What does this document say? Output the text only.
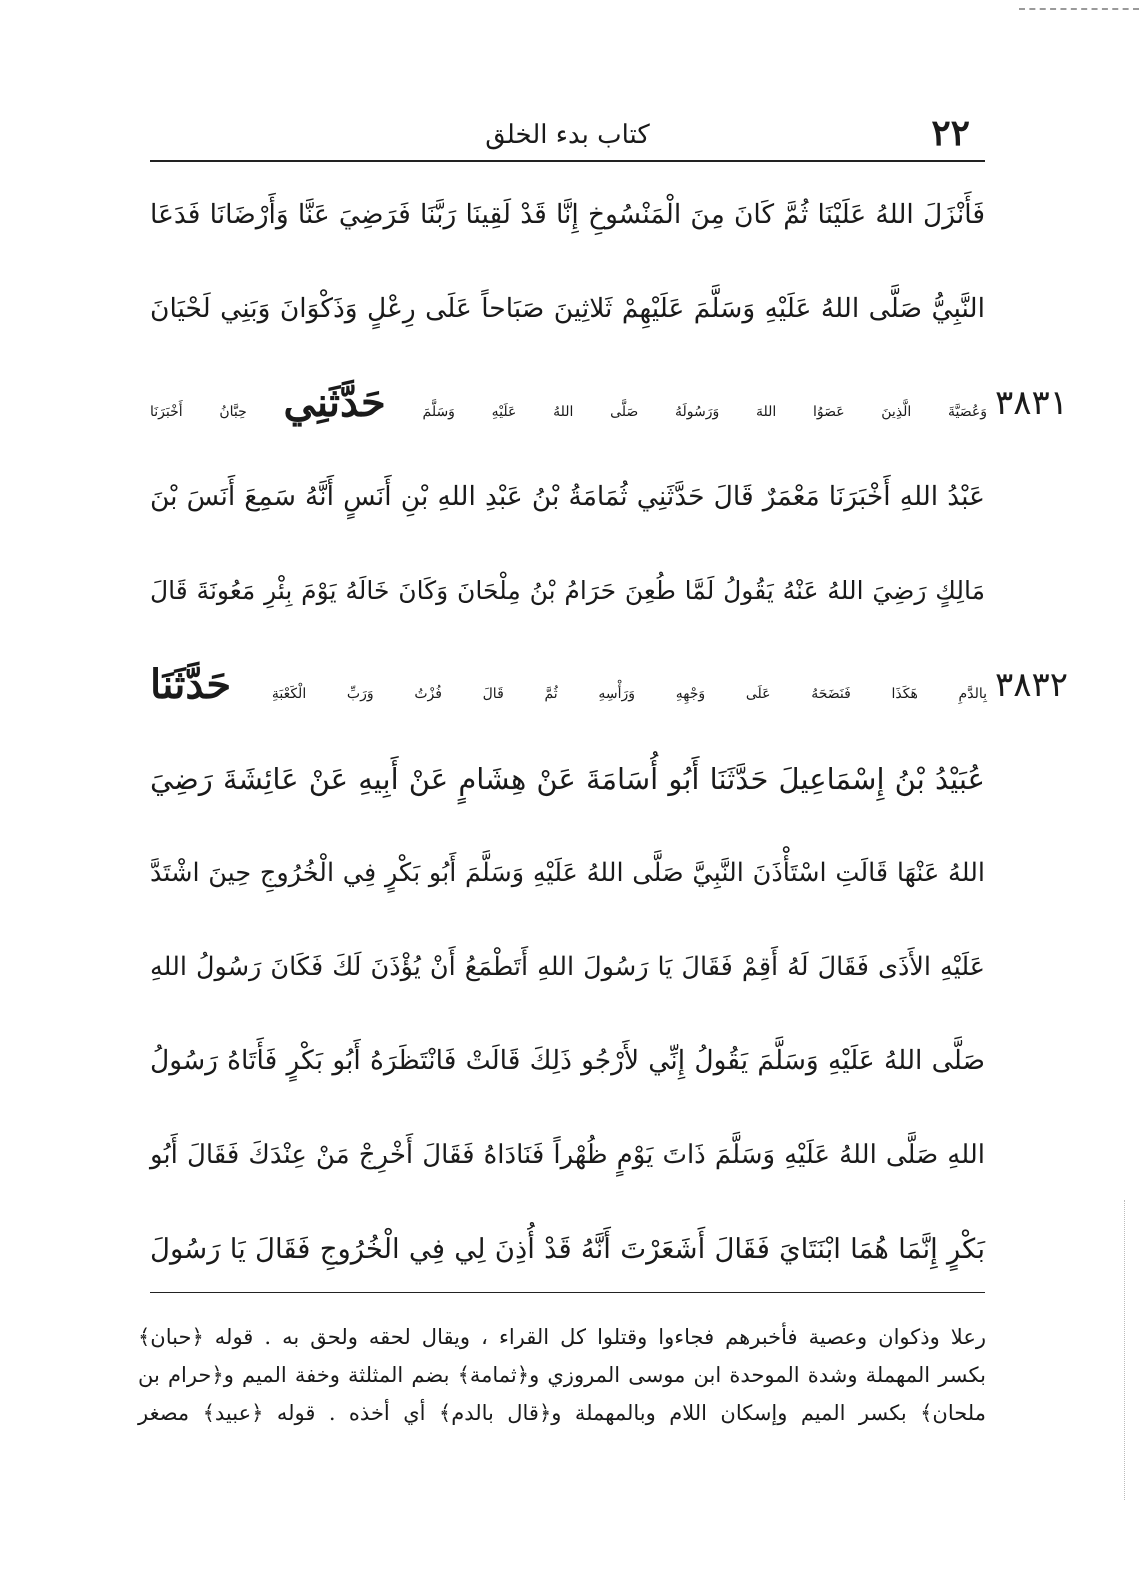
كتاب بدء الخلق	٢٢
فَأَنْزَلَ اللهُ عَلَيْنَا ثُمَّ كَانَ مِنَ الْمَنْسُوخِ إِنَّا قَدْ لَقِينَا رَبَّنَا فَرَضِيَ عَنَّا وَأَرْضَانَا فَدَعَا
النَّبِيُّ صَلَّى اللهُ عَلَيْهِ وَسَلَّمَ عَلَيْهِمْ ثَلاثِينَ صَبَاحاً عَلَى رِعْلٍ وَذَكْوَانَ وَبَنِي لَحْيَانَ
وَعُصَيَّةَ الَّذِينَ عَصَوُا اللهَ وَرَسُولَهُ صَلَّى اللهُ عَلَيْهِ وَسَلَّمَ حَدَّثَنِي حِبَّانُ أَخْبَرَنَا	٣٨٣١
عَبْدُ اللهِ أَخْبَرَنَا مَعْمَرٌ قَالَ حَدَّثَنِي ثُمَامَةُ بْنُ عَبْدِ اللهِ بْنِ أَنَسٍ أَنَّهُ سَمِعَ أَنَسَ بْنَ
مَالِكٍ رَضِيَ اللهُ عَنْهُ يَقُولُ لَمَّا طُعِنَ حَرَامُ بْنُ مِلْحَانَ وَكَانَ خَالَهُ يَوْمَ بِئْرِ مَعُونَةَ قَالَ
بِالدَّمِ هَكَذَا فَنَضَحَهُ عَلَى وَجْهِهِ وَرَأْسِهِ ثُمَّ قَالَ فُزْتُ وَرَبِّ الْكَعْبَةِ حَدَّثَنَا	٣٨٣٢
عُبَيْدُ بْنُ إِسْمَاعِيلَ حَدَّثَنَا أَبُو أُسَامَةَ عَنْ هِشَامٍ عَنْ أَبِيهِ عَنْ عَائِشَةَ رَضِيَ
اللهُ عَنْهَا قَالَتِ اسْتَأْذَنَ النَّبِيَّ صَلَّى اللهُ عَلَيْهِ وَسَلَّمَ أَبُو بَكْرٍ فِي الْخُرُوجِ حِينَ اشْتَدَّ
عَلَيْهِ الأَذَى فَقَالَ لَهُ أَقِمْ فَقَالَ يَا رَسُولَ اللهِ أَتَطْمَعُ أَنْ يُؤْذَنَ لَكَ فَكَانَ رَسُولُ اللهِ
صَلَّى اللهُ عَلَيْهِ وَسَلَّمَ يَقُولُ إِنِّي لأَرْجُو ذَلِكَ قَالَتْ فَانْتَظَرَهُ أَبُو بَكْرٍ فَأَتَاهُ رَسُولُ
اللهِ صَلَّى اللهُ عَلَيْهِ وَسَلَّمَ ذَاتَ يَوْمٍ ظُهْراً فَنَادَاهُ فَقَالَ أَخْرِجْ مَنْ عِنْدَكَ فَقَالَ أَبُو
بَكْرٍ إِنَّمَا هُمَا ابْنَتَايَ فَقَالَ أَشَعَرْتَ أَنَّهُ قَدْ أُذِنَ لِي فِي الْخُرُوجِ فَقَالَ يَا رَسُولَ
رعلا وذكوان وعصية فأخبرهم فجاءوا وقتلوا كل القراء ، ويقال لحقه ولحق به . قوله ﴿حبان﴾
بكسر المهملة وشدة الموحدة ابن موسى المروزي و﴿ثمامة﴾ بضم المثلثة وخفة الميم و﴿حرام بن
ملحان﴾ بكسر الميم وإسكان اللام وبالمهملة و﴿قال بالدم﴾ أي أخذه . قوله ﴿عبيد﴾ مصغر
